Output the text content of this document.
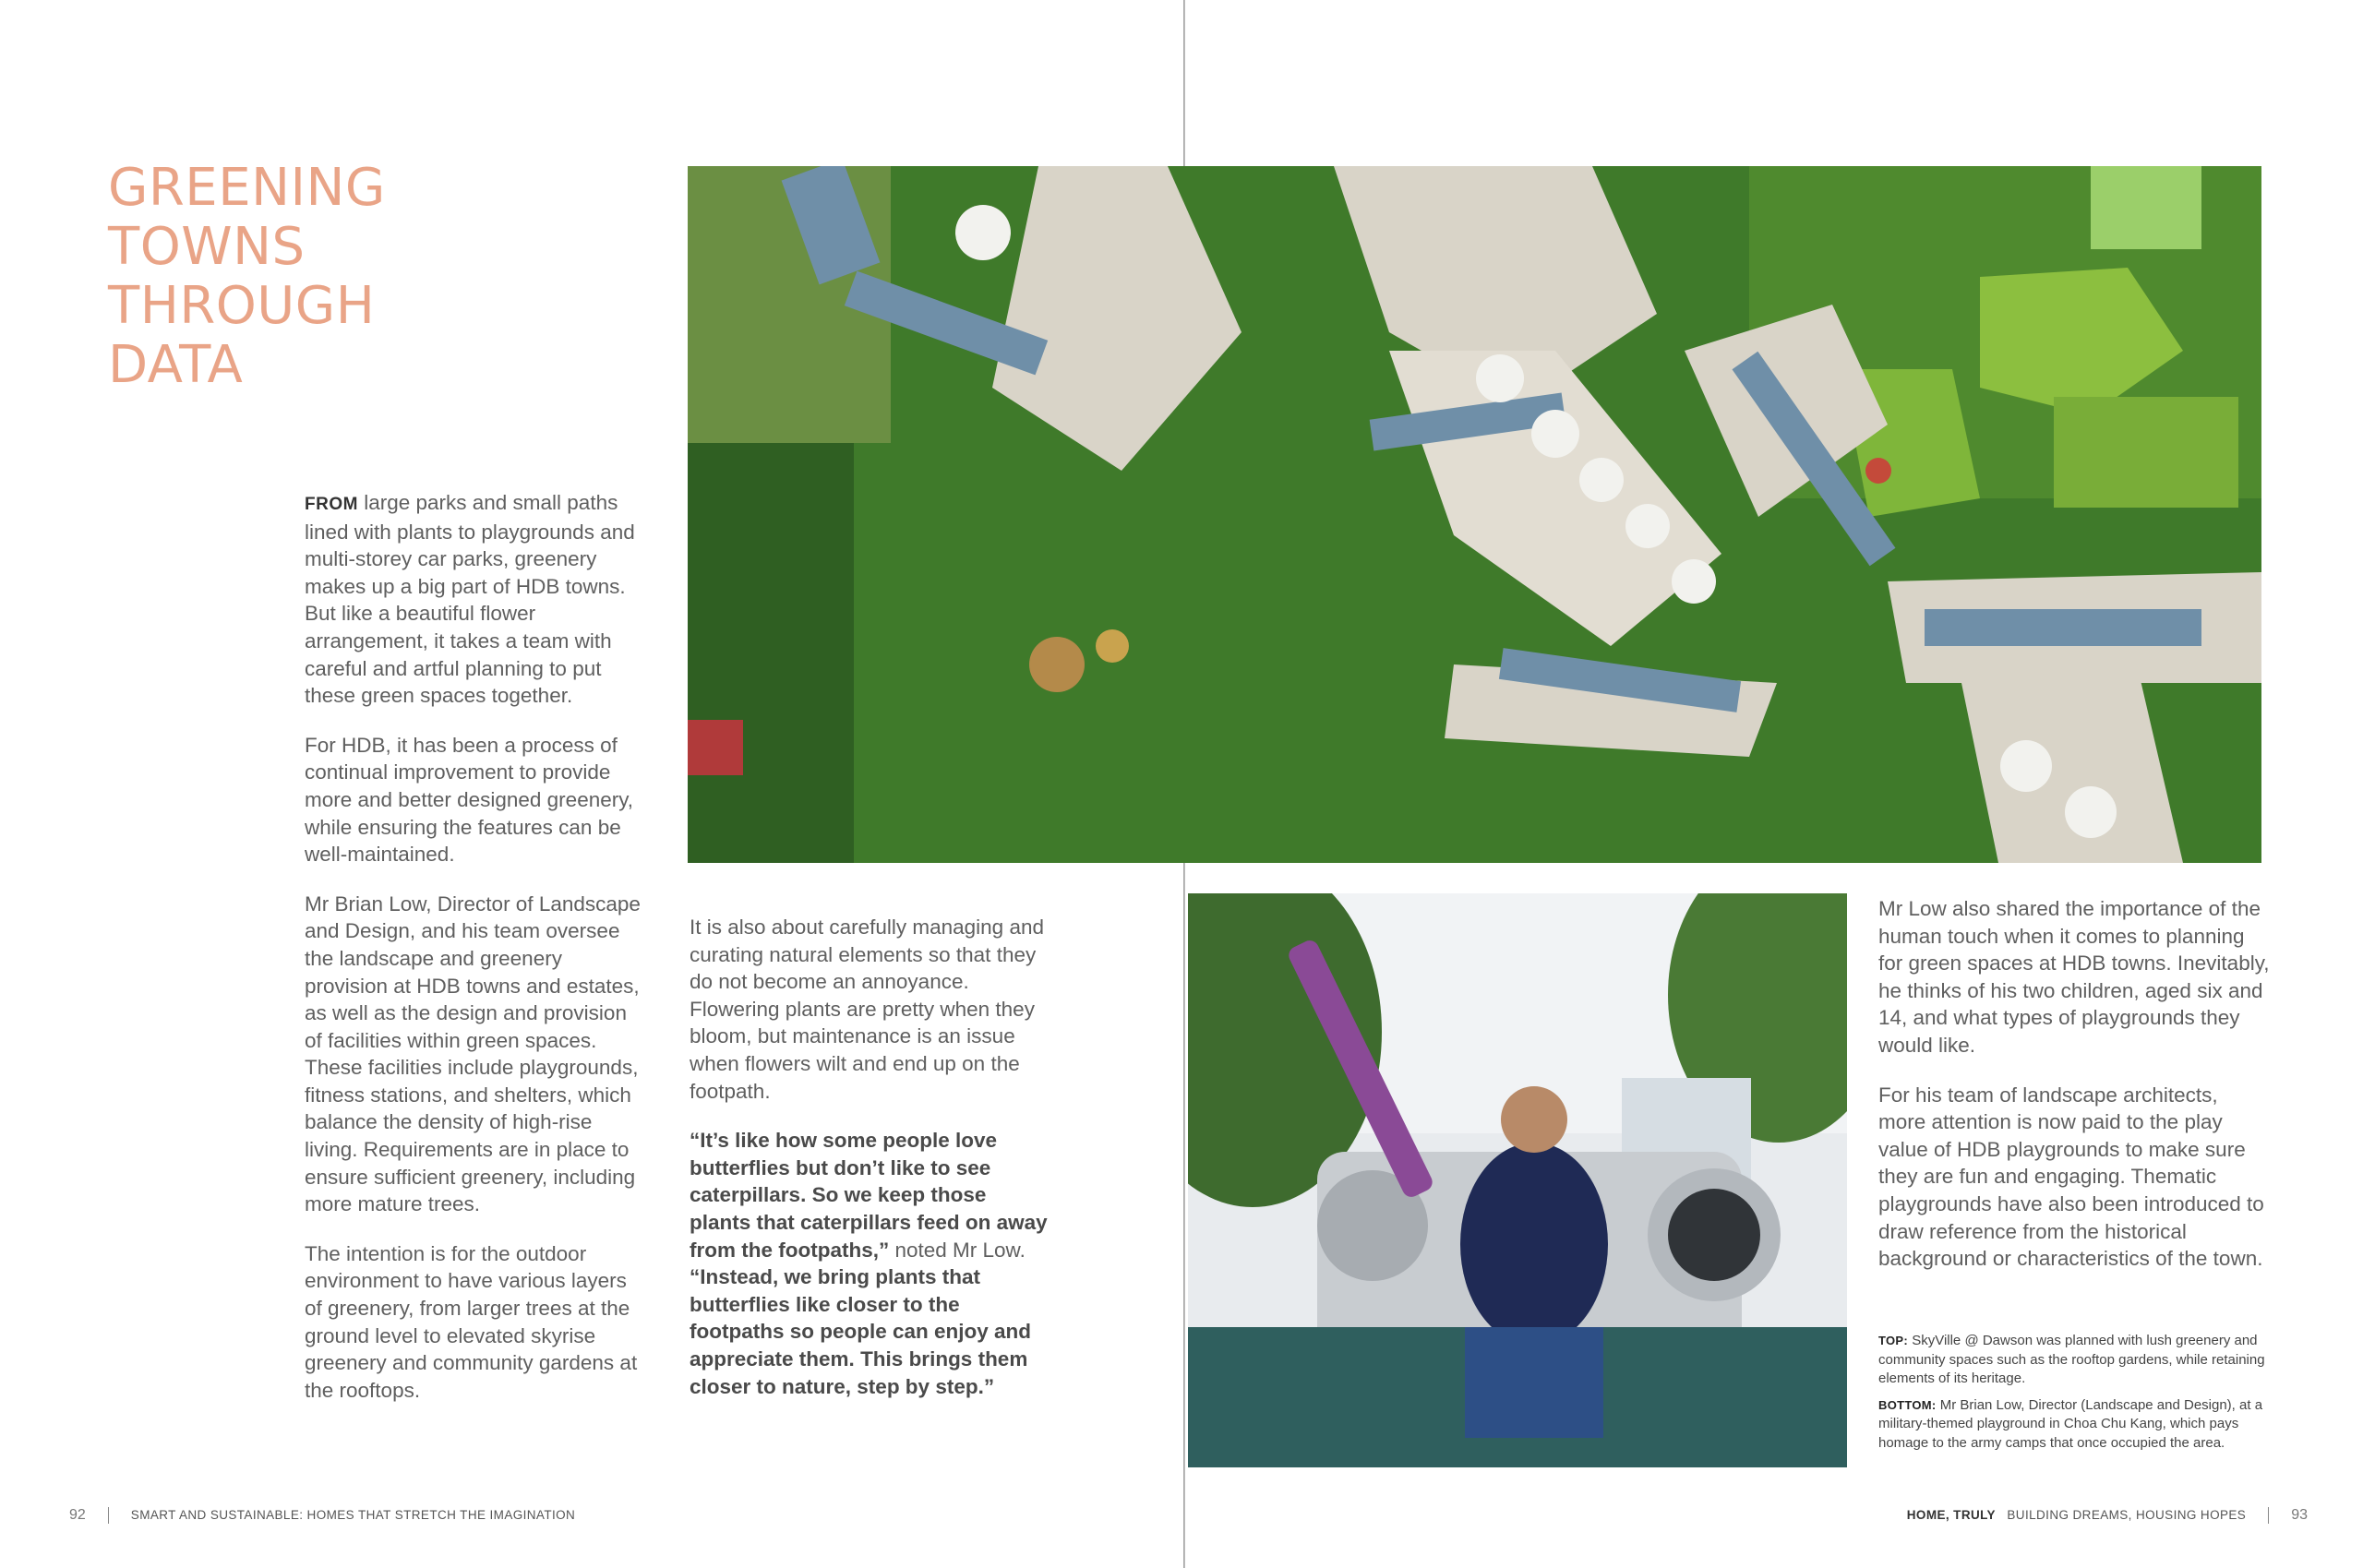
GREENING
TOWNS
THROUGH
DATA

FROM large parks and small paths lined with plants to playgrounds and multi-storey car parks, greenery makes up a big part of HDB towns. But like a beautiful flower arrangement, it takes a team with careful and artful planning to put these green spaces together.

For HDB, it has been a process of continual improvement to provide more and better designed greenery, while ensuring the features can be well-maintained.

Mr Brian Low, Director of Landscape and Design, and his team oversee the landscape and greenery provision at HDB towns and estates, as well as the design and provision of facilities within green spaces. These facilities include playgrounds, fitness stations, and shelters, which balance the density of high-rise living. Requirements are in place to ensure sufficient greenery, including more mature trees.

The intention is for the outdoor environment to have various layers of greenery, from larger trees at the ground level to elevated skyrise greenery and community gardens at the rooftops.

It is also about carefully managing and curating natural elements so that they do not become an annoyance. Flowering plants are pretty when they bloom, but maintenance is an issue when flowers wilt and end up on the footpath.

“It’s like how some people love butterflies but don’t like to see caterpillars. So we keep those plants that caterpillars feed on away from the footpaths,” noted Mr Low. “Instead, we bring plants that butterflies like closer to the footpaths so people can enjoy and appreciate them. This brings them closer to nature, step by step.”

Mr Low also shared the importance of the human touch when it comes to planning for green spaces at HDB towns. Inevitably, he thinks of his two children, aged six and 14, and what types of playgrounds they would like.

For his team of landscape architects, more attention is now paid to the play value of HDB playgrounds to make sure they are fun and engaging. Thematic playgrounds have also been introduced to draw reference from the historical background or characteristics of the town.

TOP: SkyVille @ Dawson was planned with lush greenery and community spaces such as the rooftop gardens, while retaining elements of its heritage.

BOTTOM: Mr Brian Low, Director (Landscape and Design), at a military-themed playground in Choa Chu Kang, which pays homage to the army camps that once occupied the area.

92	SMART AND SUSTAINABLE: HOMES THAT STRETCH THE IMAGINATION	HOME, TRULY BUILDING DREAMS, HOUSING HOPES	93
